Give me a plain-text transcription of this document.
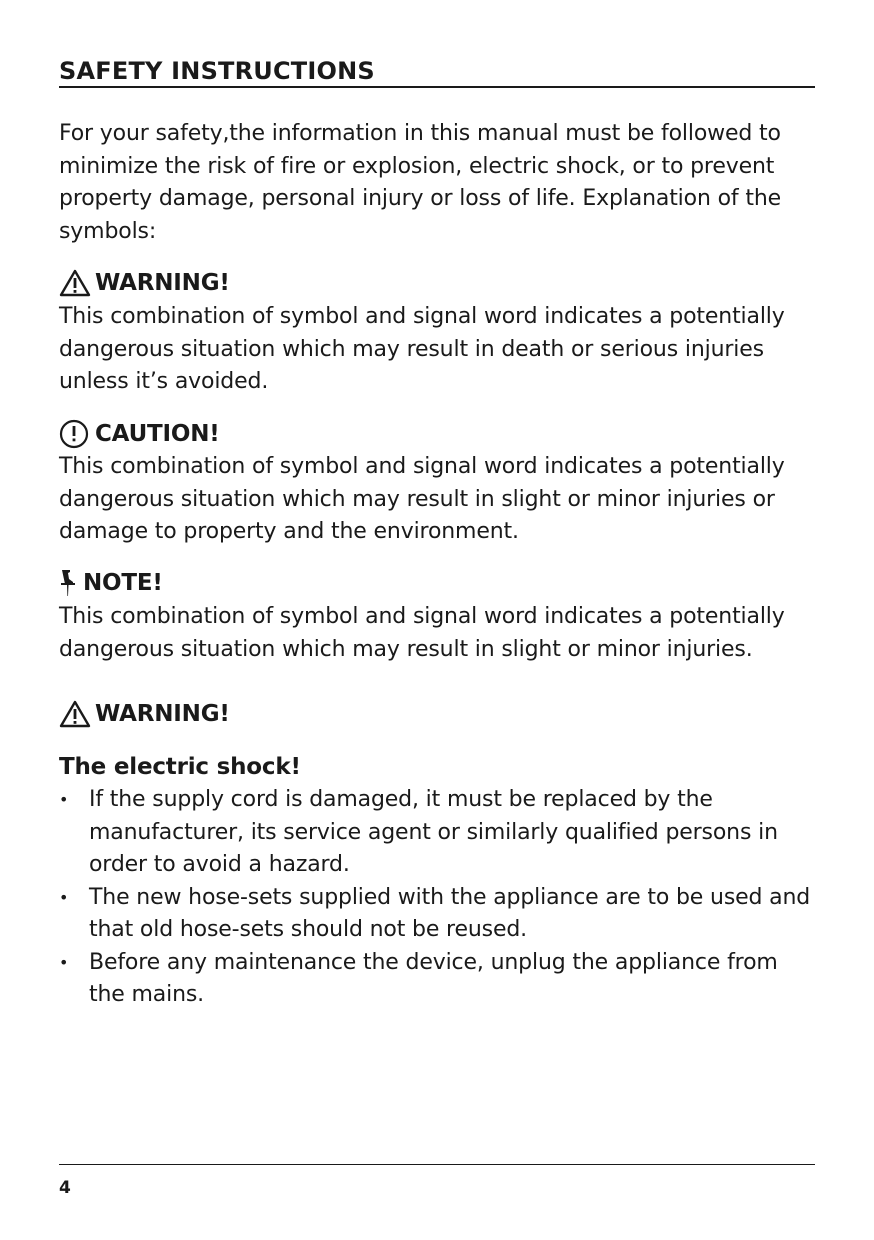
SAFETY INSTRUCTIONS

For your safety,the information in this manual must be followed to minimize the risk of fire or explosion, electric shock, or to prevent property damage, personal injury or loss of life. Explanation of the symbols:

WARNING!

This combination of symbol and signal word indicates a potentially dangerous situation which may result in death or serious injuries unless it’s avoided.

CAUTION!

This combination of symbol and signal word indicates a potentially dangerous situation which may result in slight or minor injuries or damage to property and the environment.

NOTE!

This combination of symbol and signal word indicates a potentially dangerous situation which may result in slight or minor injuries.

WARNING!

The electric shock!

• If the supply cord is damaged, it must be replaced by the manufacturer, its service agent or similarly qualified persons in order to avoid a hazard.
• The new hose-sets supplied with the appliance are to be used and that old hose-sets should not be reused.
• Before any maintenance the device, unplug the appliance from the mains.

4
